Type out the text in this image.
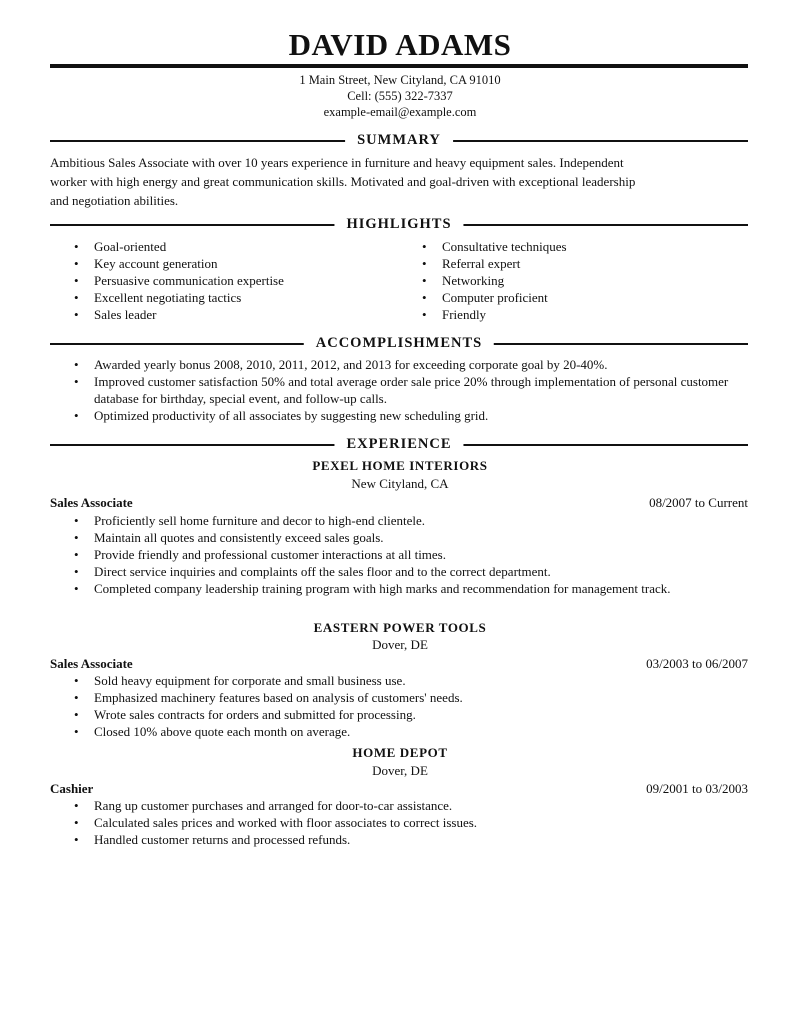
DAVID ADAMS
1 Main Street, New Cityland, CA 91010
Cell: (555) 322-7337
example-email@example.com
SUMMARY
Ambitious Sales Associate with over 10 years experience in furniture and heavy equipment sales. Independent
worker with high energy and great communication skills. Motivated and goal-driven with exceptional leadership
and negotiation abilities.
HIGHLIGHTS
• Goal-oriented
• Key account generation
• Persuasive communication expertise
• Excellent negotiating tactics
• Sales leader
• Consultative techniques
• Referral expert
• Networking
• Computer proficient
• Friendly
ACCOMPLISHMENTS
• Awarded yearly bonus 2008, 2010, 2011, 2012, and 2013 for exceeding corporate goal by 20-40%.
• Improved customer satisfaction 50% and total average order sale price 20% through implementation of personal customer database for birthday, special event, and follow-up calls.
• Optimized productivity of all associates by suggesting new scheduling grid.
EXPERIENCE
PEXEL HOME INTERIORS
New Cityland, CA
Sales Associate	08/2007 to Current
• Proficiently sell home furniture and decor to high-end clientele.
• Maintain all quotes and consistently exceed sales goals.
• Provide friendly and professional customer interactions at all times.
• Direct service inquiries and complaints off the sales floor and to the correct department.
• Completed company leadership training program with high marks and recommendation for management track.
EASTERN POWER TOOLS
Dover, DE
Sales Associate	03/2003 to 06/2007
• Sold heavy equipment for corporate and small business use.
• Emphasized machinery features based on analysis of customers' needs.
• Wrote sales contracts for orders and submitted for processing.
• Closed 10% above quote each month on average.
HOME DEPOT
Dover, DE
Cashier	09/2001 to 03/2003
• Rang up customer purchases and arranged for door-to-car assistance.
• Calculated sales prices and worked with floor associates to correct issues.
• Handled customer returns and processed refunds.
